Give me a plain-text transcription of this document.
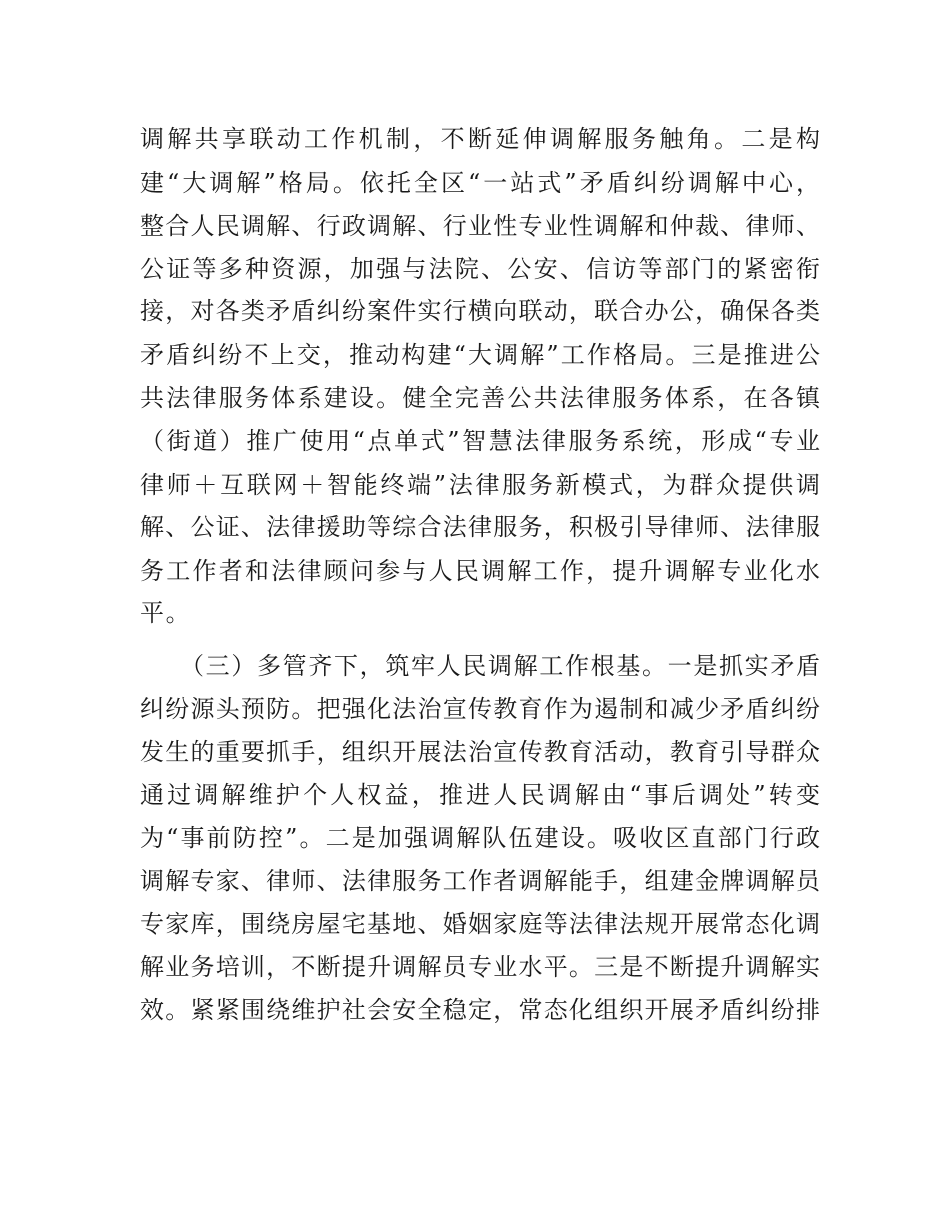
调解共享联动工作机制，不断延伸调解服务触角。二是构
建“大调解”格局。依托全区“一站式”矛盾纠纷调解中心，
整合人民调解、行政调解、行业性专业性调解和仲裁、律师、
公证等多种资源，加强与法院、公安、信访等部门的紧密衔
接，对各类矛盾纠纷案件实行横向联动，联合办公，确保各类
矛盾纠纷不上交，推动构建“大调解”工作格局。三是推进公
共法律服务体系建设。健全完善公共法律服务体系，在各镇
（街道）推广使用“点单式”智慧法律服务系统，形成“专业
律师＋互联网＋智能终端”法律服务新模式，为群众提供调
解、公证、法律援助等综合法律服务，积极引导律师、法律服
务工作者和法律顾问参与人民调解工作，提升调解专业化水
平。
（三）多管齐下，筑牢人民调解工作根基。一是抓实矛盾
纠纷源头预防。把强化法治宣传教育作为遏制和减少矛盾纠纷
发生的重要抓手，组织开展法治宣传教育活动，教育引导群众
通过调解维护个人权益，推进人民调解由“事后调处”转变
为“事前防控”。二是加强调解队伍建设。吸收区直部门行政
调解专家、律师、法律服务工作者调解能手，组建金牌调解员
专家库，围绕房屋宅基地、婚姻家庭等法律法规开展常态化调
解业务培训，不断提升调解员专业水平。三是不断提升调解实
效。紧紧围绕维护社会安全稳定，常态化组织开展矛盾纠纷排
